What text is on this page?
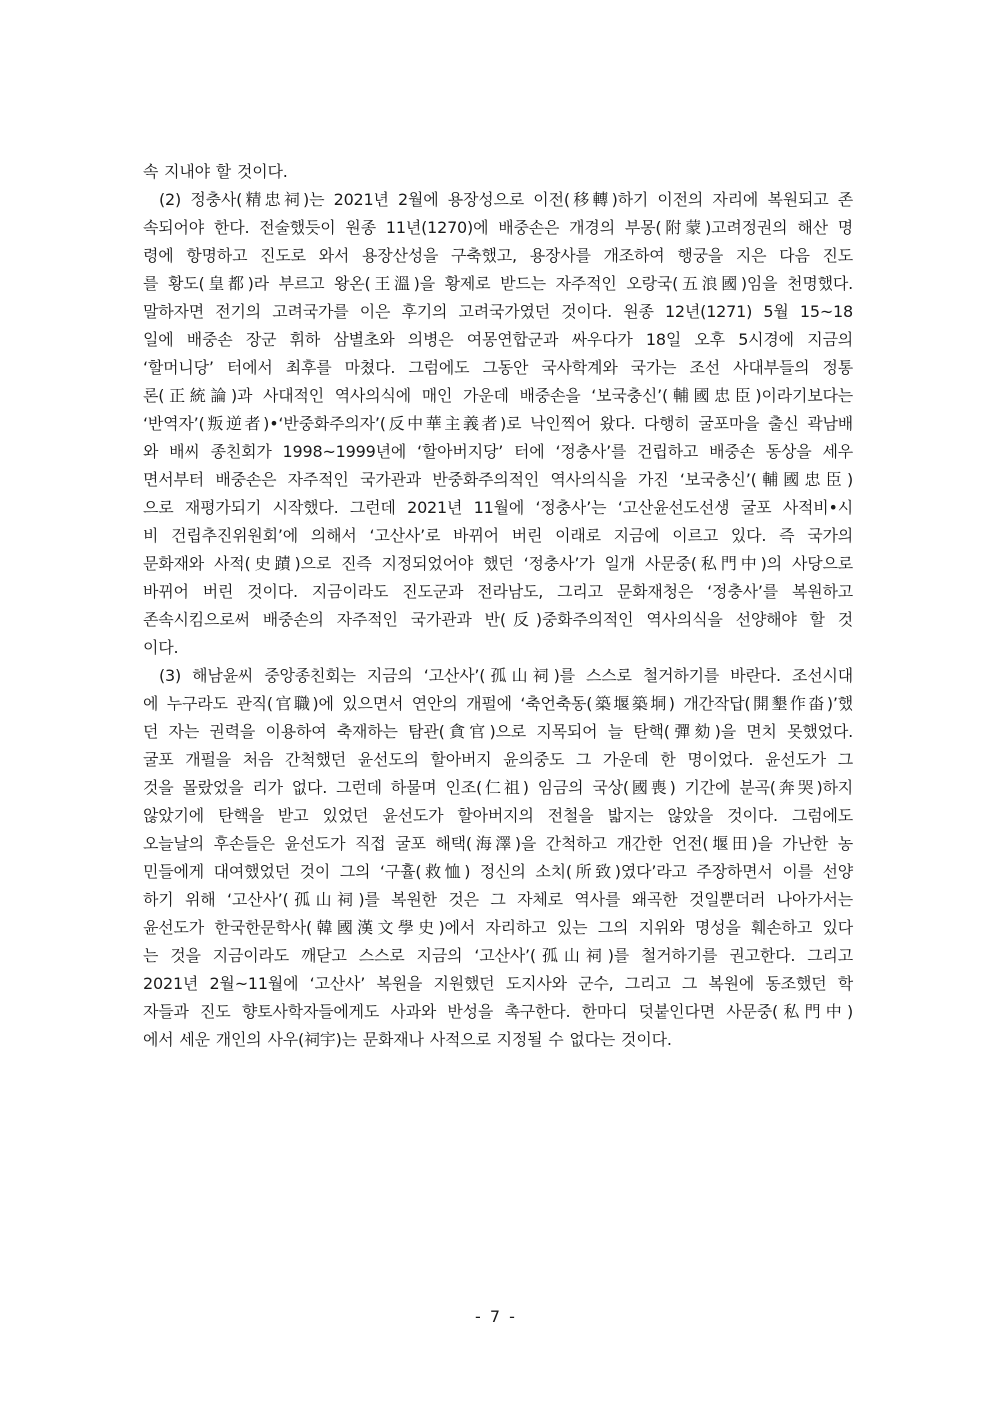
속 지내야 할 것이다.
(2) 정충사(精忠祠)는 2021년 2월에 용장성으로 이전(移轉)하기 이전의 자리에 복원되고 존
속되어야 한다. 전술했듯이 원종 11년(1270)에 배중손은 개경의 부몽(附蒙)고려정권의 해산 명
령에 항명하고 진도로 와서 용장산성을 구축했고, 용장사를 개조하여 행궁을 지은 다음 진도
를 황도(皇都)라 부르고 왕온(王溫)을 황제로 받드는 자주적인 오랑국(五浪國)임을 천명했다.
말하자면 전기의 고려국가를 이은 후기의 고려국가였던 것이다. 원종 12년(1271) 5월 15~18
일에 배중손 장군 휘하 삼별초와 의병은 여몽연합군과 싸우다가 18일 오후 5시경에 지금의
‘할머니당’ 터에서 최후를 마쳤다. 그럼에도 그동안 국사학계와 국가는 조선 사대부들의 정통
론(正統論)과 사대적인 역사의식에 매인 가운데 배중손을 ‘보국충신’(輔國忠臣)이라기보다는
‘반역자’(叛逆者)•‘반중화주의자’(反中華主義者)로 낙인찍어 왔다. 다행히 굴포마을 출신 곽남배
와 배씨 종친회가 1998~1999년에 ‘할아버지당’ 터에 ‘정충사’를 건립하고 배중손 동상을 세우
면서부터 배중손은 자주적인 국가관과 반중화주의적인 역사의식을 가진 ‘보국충신’(輔國忠臣)
으로 재평가되기 시작했다. 그런데 2021년 11월에 ‘정충사’는 ‘고산윤선도선생 굴포 사적비•시
비 건립추진위원회’에 의해서 ‘고산사’로 바뀌어 버린 이래로 지금에 이르고 있다. 즉 국가의
문화재와 사적(史蹟)으로 진즉 지정되었어야 했던 ‘정충사’가 일개 사문중(私門中)의 사당으로
바뀌어 버린 것이다. 지금이라도 진도군과 전라남도, 그리고 문화재청은 ‘정충사’를 복원하고
존속시킴으로써 배중손의 자주적인 국가관과 반(反)중화주의적인 역사의식을 선양해야 할 것
이다.
(3) 해남윤씨 중앙종친회는 지금의 ‘고산사’(孤山祠)를 스스로 철거하기를 바란다. 조선시대
에 누구라도 관직(官職)에 있으면서 연안의 개펄에 ‘축언축동(築堰築垌) 개간작답(開墾作畓)’했
던 자는 권력을 이용하여 축재하는 탐관(貪官)으로 지목되어 늘 탄핵(彈劾)을 면치 못했었다.
굴포 개펄을 처음 간척했던 윤선도의 할아버지 윤의중도 그 가운데 한 명이었다. 윤선도가 그
것을 몰랐었을 리가 없다. 그런데 하물며 인조(仁祖) 임금의 국상(國喪) 기간에 분곡(奔哭)하지
않았기에 탄핵을 받고 있었던 윤선도가 할아버지의 전철을 밟지는 않았을 것이다. 그럼에도
오늘날의 후손들은 윤선도가 직접 굴포 해택(海澤)을 간척하고 개간한 언전(堰田)을 가난한 농
민들에게 대여했었던 것이 그의 ‘구휼(救恤) 정신의 소치(所致)였다’라고 주장하면서 이를 선양
하기 위해 ‘고산사’(孤山祠)를 복원한 것은 그 자체로 역사를 왜곡한 것일뿐더러 나아가서는
윤선도가 한국한문학사(韓國漢文學史)에서 자리하고 있는 그의 지위와 명성을 훼손하고 있다
는 것을 지금이라도 깨닫고 스스로 지금의 ‘고산사’(孤山祠)를 철거하기를 권고한다. 그리고
2021년 2월~11월에 ‘고산사’ 복원을 지원했던 도지사와 군수, 그리고 그 복원에 동조했던 학
자들과 진도 향토사학자들에게도 사과와 반성을 촉구한다. 한마디 덧붙인다면 사문중(私門中)
에서 세운 개인의 사우(祠宇)는 문화재나 사적으로 지정될 수 없다는 것이다.
- 7 -
